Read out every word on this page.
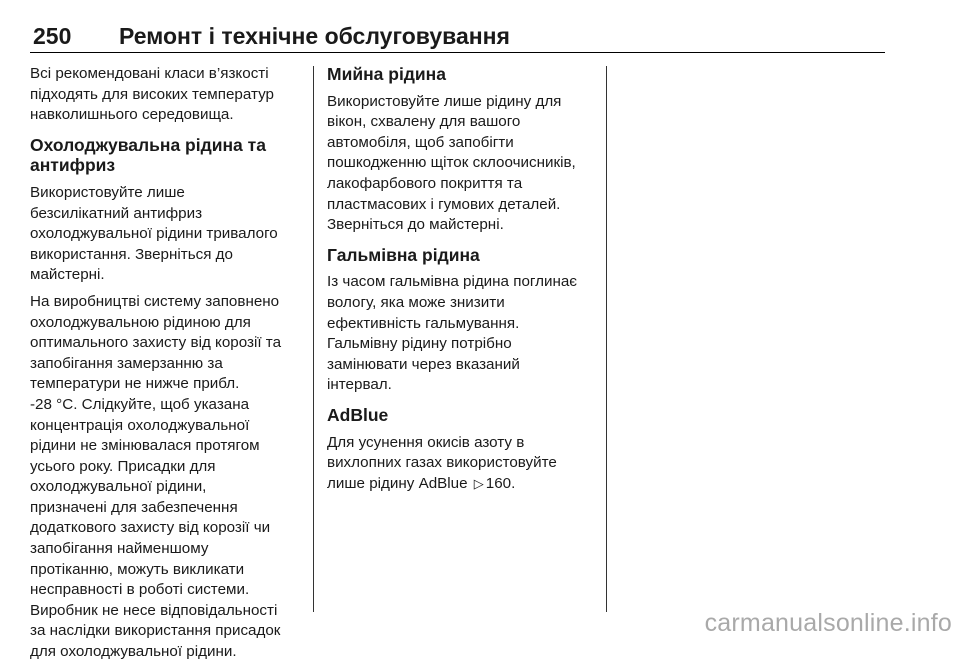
250 Ремонт і технічне обслуговування

Всі рекомендовані класи в’язкості
підходять для високих температур
навколишнього середовища.

Охолоджувальна рідина та
антифриз

Використовуйте лише
безсилікатний антифриз
охолоджувальної рідини тривалого
використання. Зверніться до
майстерні.

На виробництві систему заповнено
охолоджувальною рідиною для
оптимального захисту від корозії та
запобігання замерзанню за
температури не нижче прибл.
-28 °C. Слідкуйте, щоб указана
концентрація охолоджувальної
рідини не змінювалася протягом
усього року. Присадки для
охолоджувальної рідини,
призначені для забезпечення
додаткового захисту від корозії чи
запобігання найменшому
протіканню, можуть викликати
несправності в роботі системи.
Виробник не несе відповідальності
за наслідки використання присадок
для охолоджувальної рідини.

Мийна рідина

Використовуйте лише рідину для
вікон, схвалену для вашого
автомобіля, щоб запобігти
пошкодженню щіток склоочисників,
лакофарбового покриття та
пластмасових і гумових деталей.
Зверніться до майстерні.

Гальмівна рідина

Із часом гальмівна рідина поглинає
вологу, яка може знизити
ефективність гальмування.
Гальмівну рідину потрібно
замінювати через вказаний
інтервал.

AdBlue

Для усунення окисів азоту в
вихлопних газах використовуйте
лише рідину AdBlue ▷ 160.

carmanualsonline.info
